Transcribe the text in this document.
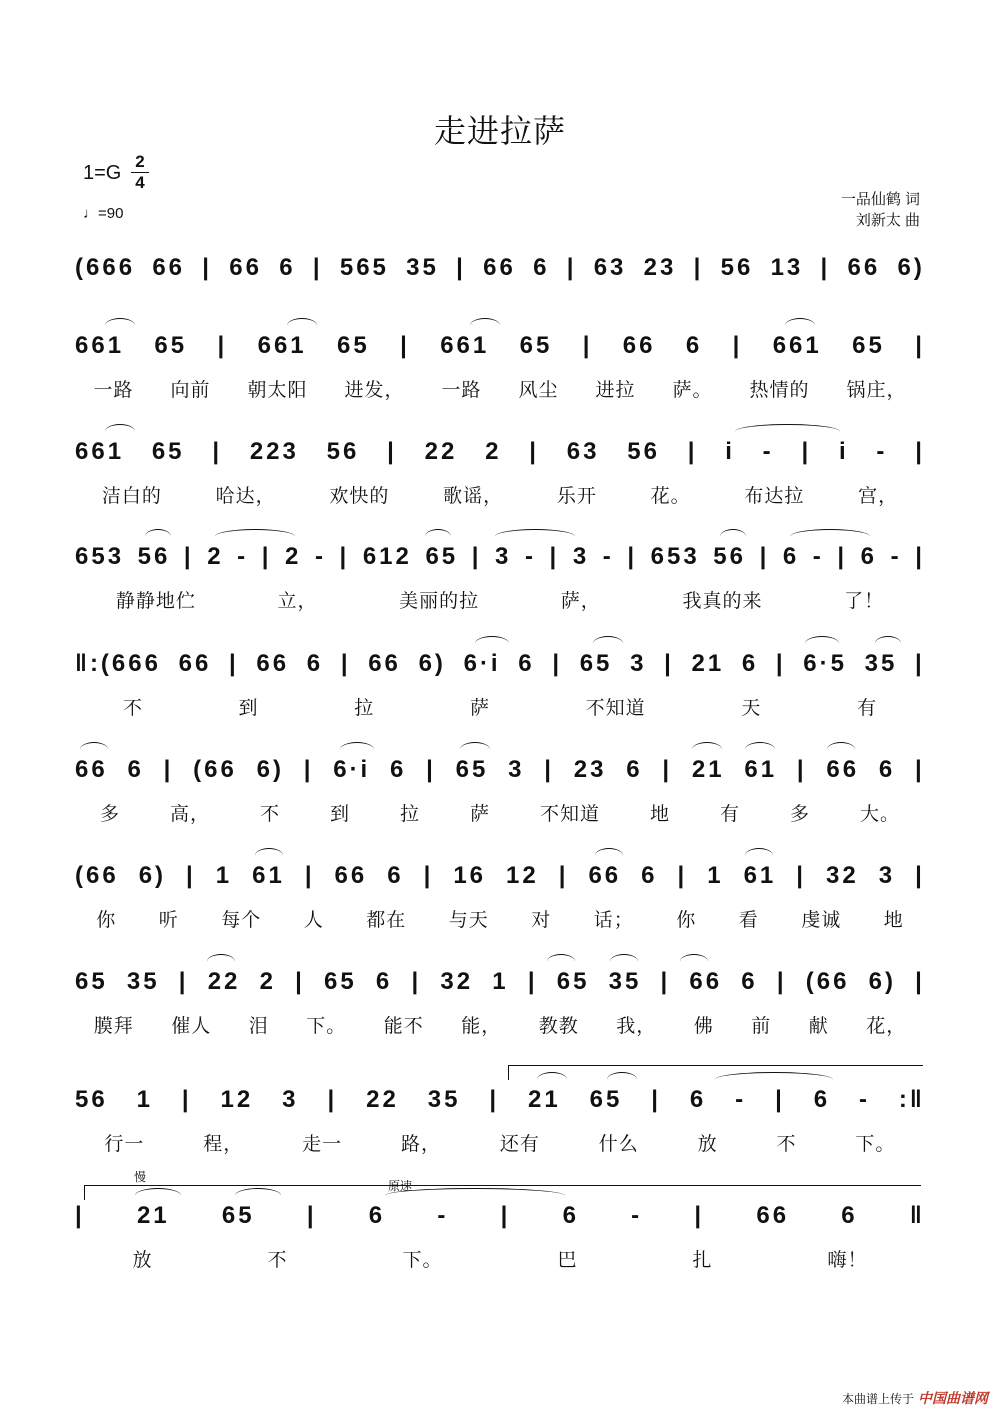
走进拉萨
1=G
2
4
♩=90
一品仙鹤 词
刘新太 曲
(666 66 | 66 6 | 565 35 | 66 6 | 63 23 | 56 13 | 66 6)
661 65 | 661 65 | 661 65 | 66 6 | 661 65 |
一路 向前 朝太阳 进发， 一路 风尘 进拉 萨。 热情的 锅庄，
661 65 | 223 56 | 22 2 | 63 56 | i - | i - |
洁白的	哈达，	欢快的	歌谣，	乐开	花。	布达拉	宫，
653 56 | 2 - | 2 - | 612 65 | 3 - | 3 - | 653 56 | 6 - | 6 - |
静静地伫	立，	美丽的拉	萨，	我真的来	了！
‖:(666 66 | 66 6 | 66 6) 6·i 6 | 65 3 | 21 6 | 6·5 35 |
不	到	拉	萨	不知道	天	有
66 6 | (66 6) | 6·i 6 | 65 3 | 23 6 | 21 61 | 66 6 |
多	高，	不	到	拉	萨	不知道	地	有	多	大。
(66 6) | 1 61 | 66 6 | 16 12 | 66 6 | 1 61 | 32 3 |
你 听 每个 人 都在 与天 对 话； 你 看 虔诚 地
65 35 | 22 2 | 65 6 | 32 1 | 65 35 | 66 6 | (66 6) |
膜拜 催人 泪 下。 能不 能， 教教 我， 佛 前 献 花，
56 1 | 12 3 | 22 35 | 21 65 | 6 - | 6 - :‖
行一	程，	走一	路，	还有	什么	放	不	下。
慢
原速
| 21 65 | 6 - | 6 - | 66 6 ‖
放	不	下。	巴	扎	嗨！
本曲谱上传于 中国曲谱网
